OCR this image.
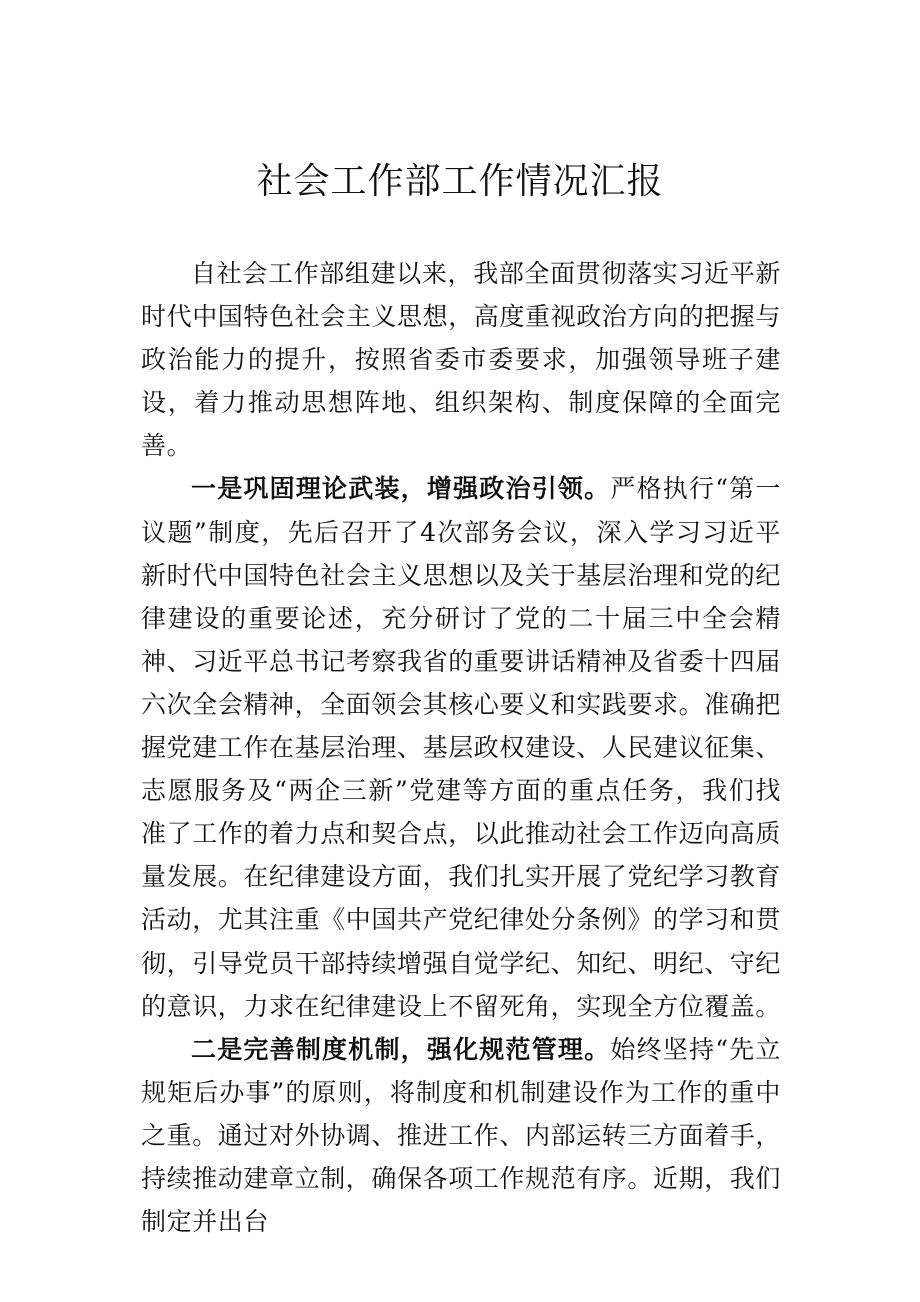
社会工作部工作情况汇报

自社会工作部组建以来，我部全面贯彻落实习近平新时代中国特色社会主义思想，高度重视政治方向的把握与政治能力的提升，按照省委市委要求，加强领导班子建设，着力推动思想阵地、组织架构、制度保障的全面完善。

一是巩固理论武装，增强政治引领。严格执行“第一议题”制度，先后召开了4次部务会议，深入学习习近平新时代中国特色社会主义思想以及关于基层治理和党的纪律建设的重要论述，充分研讨了党的二十届三中全会精神、习近平总书记考察我省的重要讲话精神及省委十四届六次全会精神，全面领会其核心要义和实践要求。准确把握党建工作在基层治理、基层政权建设、人民建议征集、志愿服务及“两企三新”党建等方面的重点任务，我们找准了工作的着力点和契合点，以此推动社会工作迈向高质量发展。在纪律建设方面，我们扎实开展了党纪学习教育活动，尤其注重《中国共产党纪律处分条例》的学习和贯彻，引导党员干部持续增强自觉学纪、知纪、明纪、守纪的意识，力求在纪律建设上不留死角，实现全方位覆盖。

二是完善制度机制，强化规范管理。始终坚持“先立规矩后办事”的原则，将制度和机制建设作为工作的重中之重。通过对外协调、推进工作、内部运转三方面着手，持续推动建章立制，确保各项工作规范有序。近期，我们制定并出台
